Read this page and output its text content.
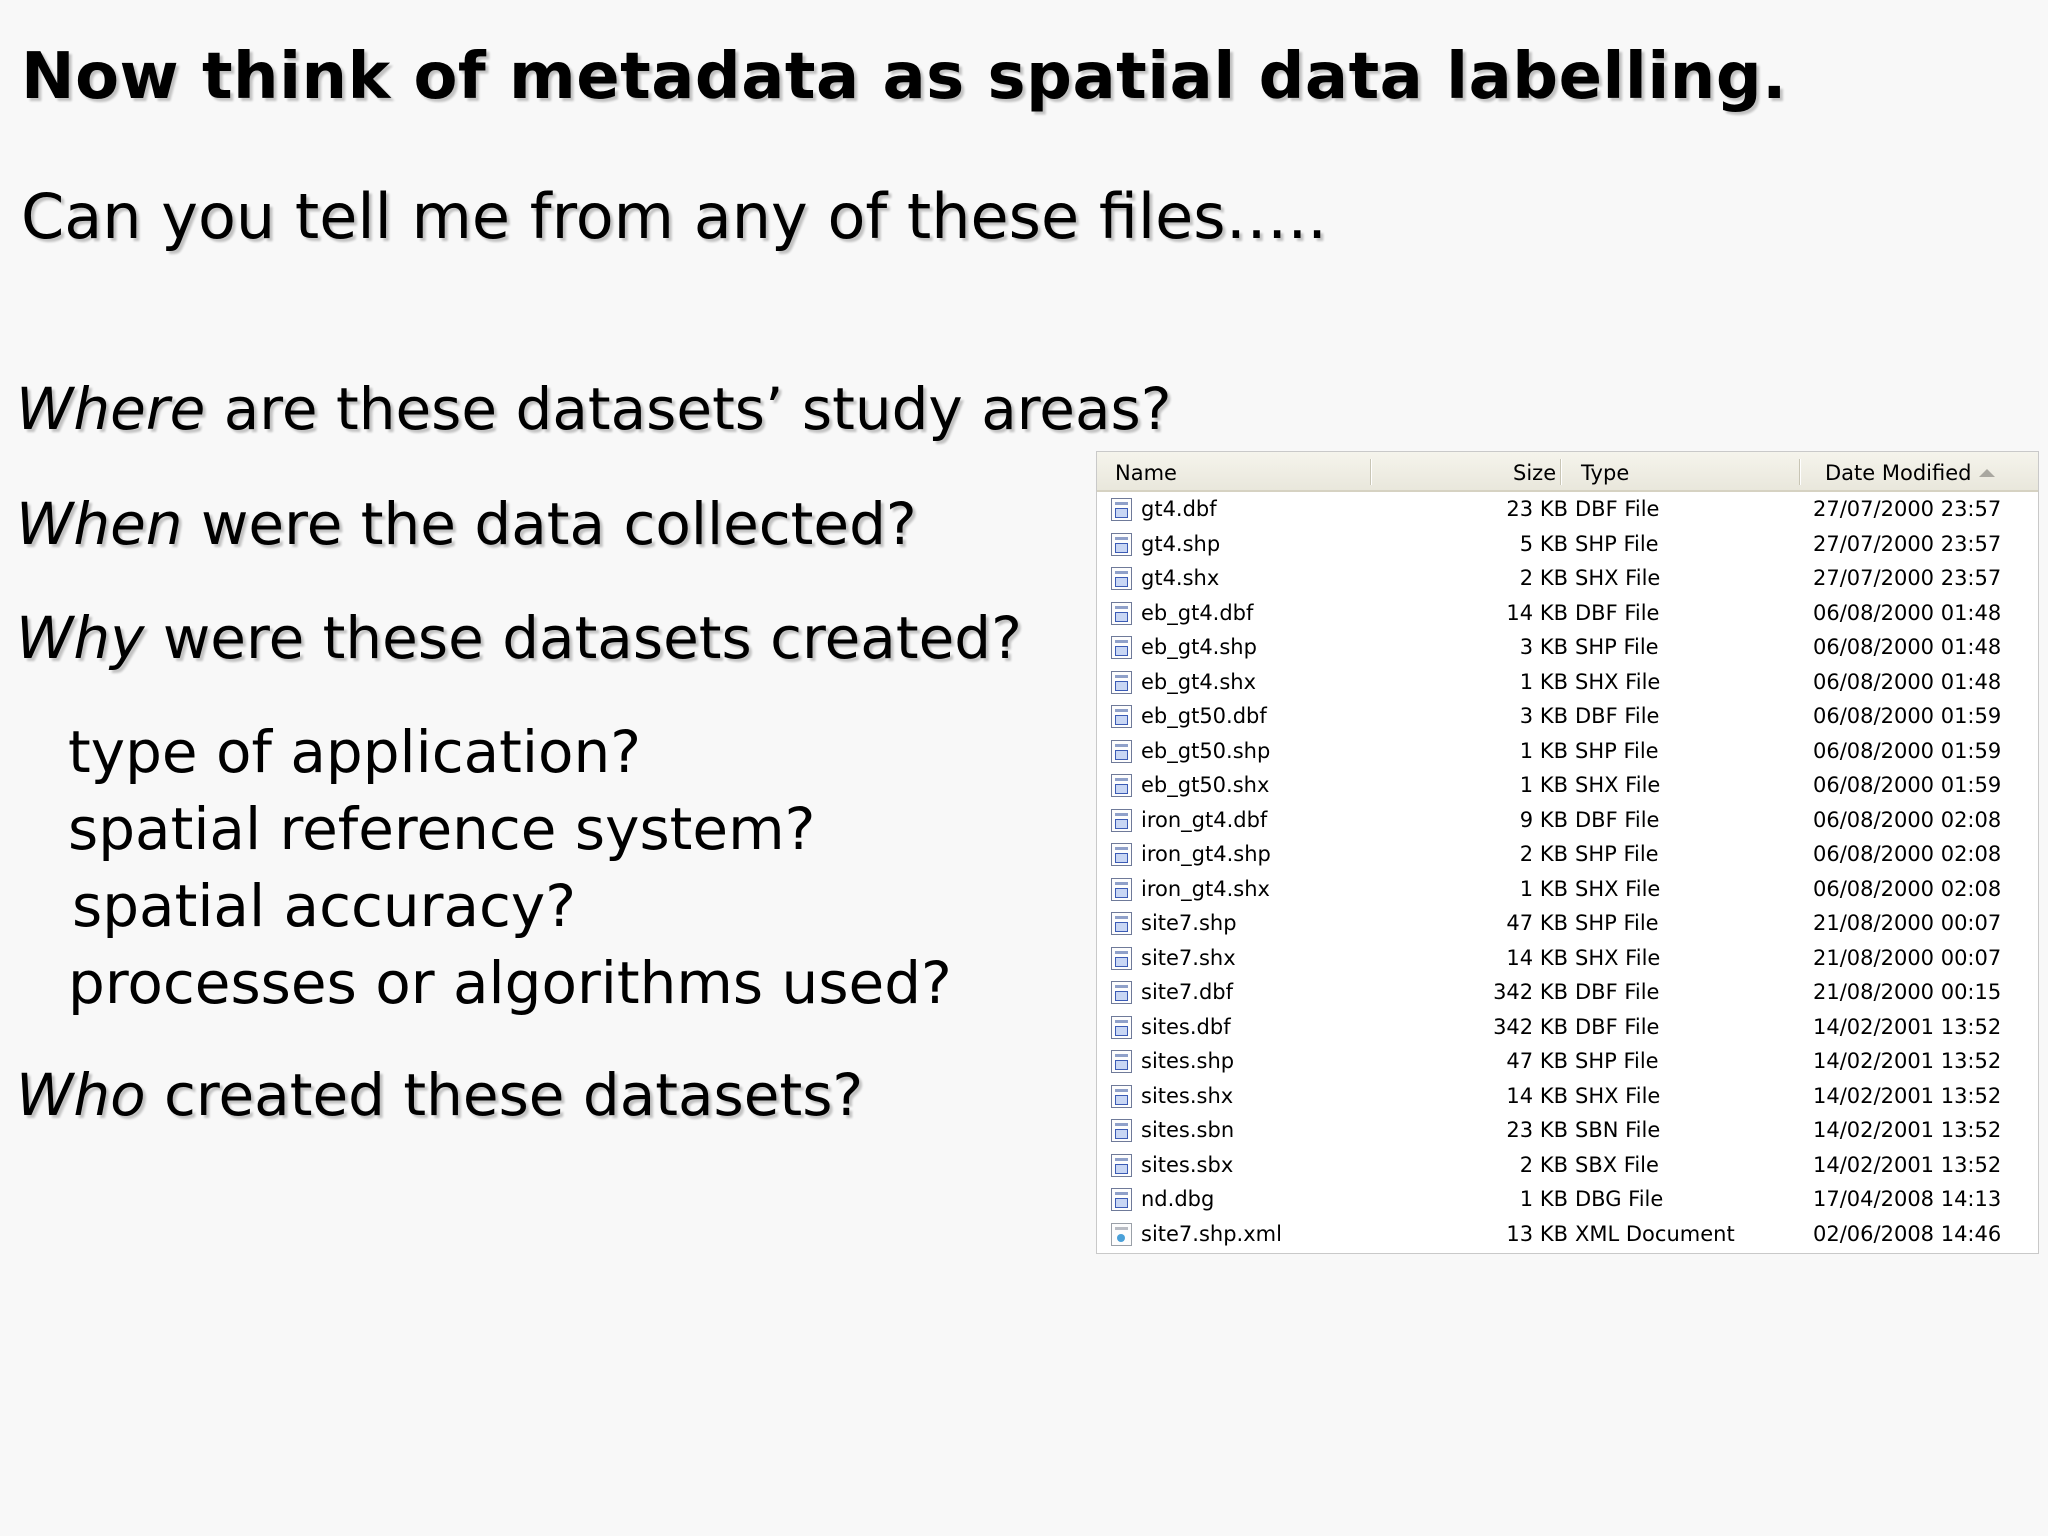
Now think of metadata as spatial data labelling.
Can you tell me from any of these files…..
Where are these datasets’ study areas?
When were the data collected?
Why were these datasets created?
type of application?
spatial reference system?
spatial accuracy?
processes or algorithms used?
Who created these datasets?
Name	Size Type	Date Modified
gt4.dbf	23 KB DBF File	27/07/2000 23:57
gt4.shp	5 KB SHP File	27/07/2000 23:57
gt4.shx	2 KB SHX File	27/07/2000 23:57
eb_gt4.dbf	14 KB DBF File	06/08/2000 01:48
eb_gt4.shp	3 KB SHP File	06/08/2000 01:48
eb_gt4.shx	1 KB SHX File	06/08/2000 01:48
eb_gt50.dbf	3 KB DBF File	06/08/2000 01:59
eb_gt50.shp	1 KB SHP File	06/08/2000 01:59
eb_gt50.shx	1 KB SHX File	06/08/2000 01:59
iron_gt4.dbf	9 KB DBF File	06/08/2000 02:08
iron_gt4.shp	2 KB SHP File	06/08/2000 02:08
iron_gt4.shx	1 KB SHX File	06/08/2000 02:08
site7.shp	47 KB SHP File	21/08/2000 00:07
site7.shx	14 KB SHX File	21/08/2000 00:07
site7.dbf	342 KB DBF File	21/08/2000 00:15
sites.dbf	342 KB DBF File	14/02/2001 13:52
sites.shp	47 KB SHP File	14/02/2001 13:52
sites.shx	14 KB SHX File	14/02/2001 13:52
sites.sbn	23 KB SBN File	14/02/2001 13:52
sites.sbx	2 KB SBX File	14/02/2001 13:52
nd.dbg	1 KB DBG File	17/04/2008 14:13
site7.shp.xml	13 KB XML Document	02/06/2008 14:46
